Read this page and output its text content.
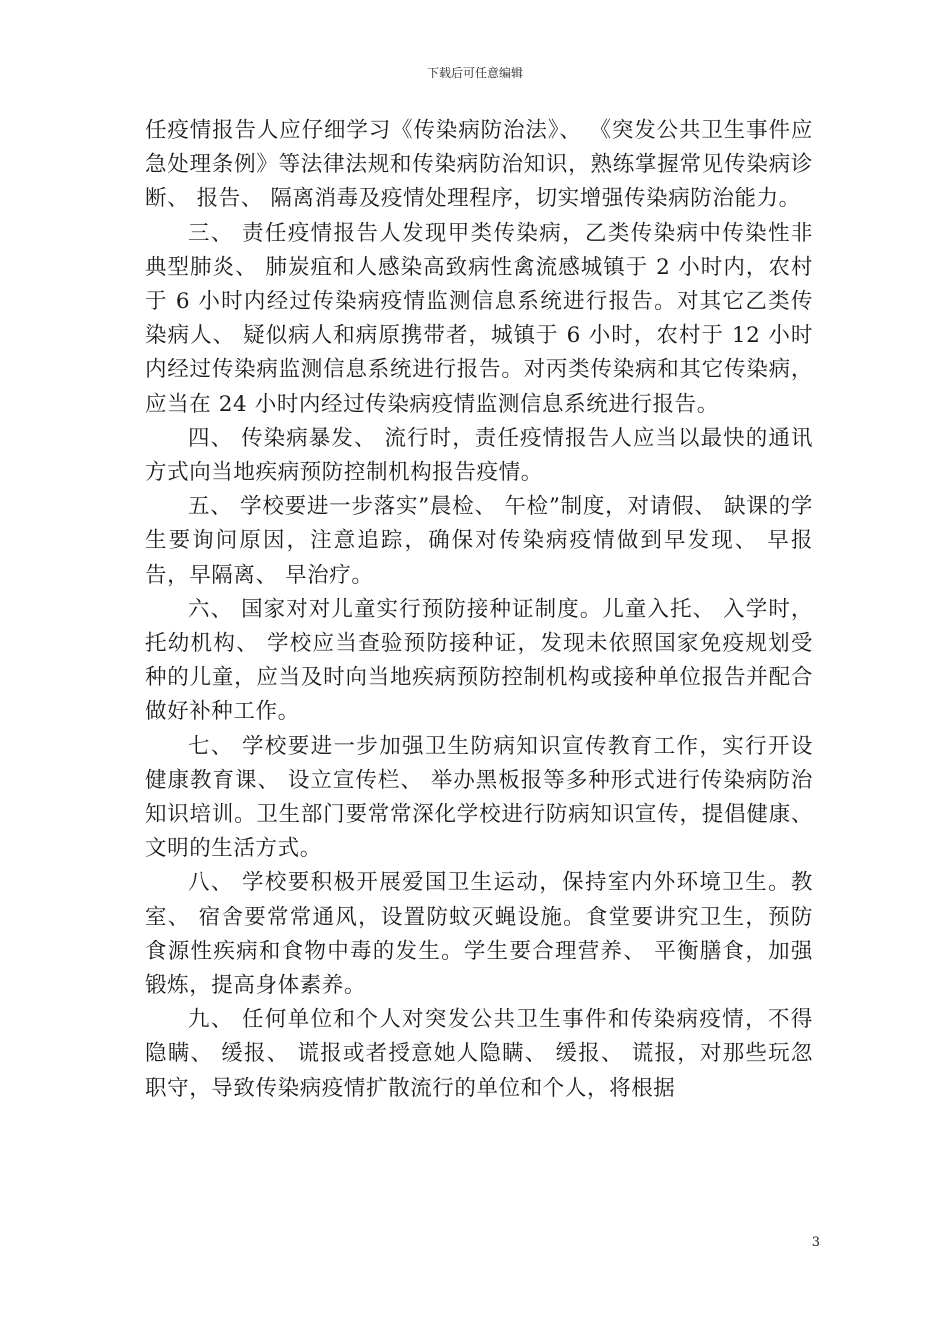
下载后可任意编辑

任疫情报告人应仔细学习《传染病防治法》、 《突发公共卫生事件应急处理条例》等法律法规和传染病防治知识，熟练掌握常见传染病诊断、 报告、 隔离消毒及疫情处理程序，切实增强传染病防治能力。

三、 责任疫情报告人发现甲类传染病，乙类传染病中传染性非典型肺炎、 肺炭疽和人感染高致病性禽流感城镇于 2 小时内，农村于 6 小时内经过传染病疫情监测信息系统进行报告。对其它乙类传染病人、 疑似病人和病原携带者，城镇于 6 小时，农村于 12 小时内经过传染病监测信息系统进行报告。对丙类传染病和其它传染病，应当在 24 小时内经过传染病疫情监测信息系统进行报告。

四、 传染病暴发、 流行时，责任疫情报告人应当以最快的通讯方式向当地疾病预防控制机构报告疫情。

五、 学校要进一步落实”晨检、 午检”制度，对请假、 缺课的学生要询问原因，注意追踪，确保对传染病疫情做到早发现、 早报告，早隔离、 早治疗。

六、 国家对对儿童实行预防接种证制度。儿童入托、 入学时，托幼机构、 学校应当查验预防接种证，发现未依照国家免疫规划受种的儿童，应当及时向当地疾病预防控制机构或接种单位报告并配合做好补种工作。

七、 学校要进一步加强卫生防病知识宣传教育工作，实行开设健康教育课、 设立宣传栏、 举办黑板报等多种形式进行传染病防治知识培训。卫生部门要常常深化学校进行防病知识宣传，提倡健康、 文明的生活方式。

八、 学校要积极开展爱国卫生运动，保持室内外环境卫生。教室、 宿舍要常常通风，设置防蚊灭蝇设施。食堂要讲究卫生，预防食源性疾病和食物中毒的发生。学生要合理营养、 平衡膳食，加强锻炼，提高身体素养。

九、 任何单位和个人对突发公共卫生事件和传染病疫情，不得隐瞒、 缓报、 谎报或者授意她人隐瞒、 缓报、 谎报，对那些玩忽职守，导致传染病疫情扩散流行的单位和个人，将根据

3
